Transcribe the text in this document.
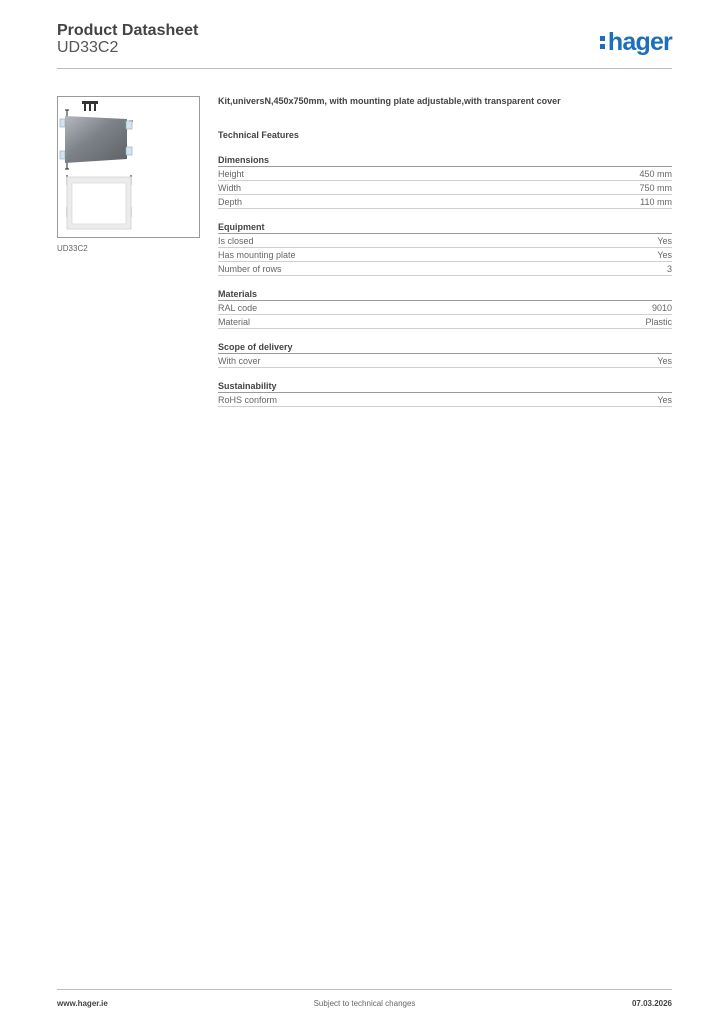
Product Datasheet
UD33C2	hager
UD33C2
Kit,universN,450x750mm, with mounting plate adjustable,with transparent cover
Technical Features
Dimensions
Height	450 mm
Width	750 mm
Depth	110 mm
Equipment
Is closed	Yes
Has mounting plate	Yes
Number of rows	3
Materials
RAL code	9010
Material	Plastic
Scope of delivery
With cover	Yes
Sustainability
RoHS conform	Yes
www.hager.ie	Subject to technical changes	07.03.2026
